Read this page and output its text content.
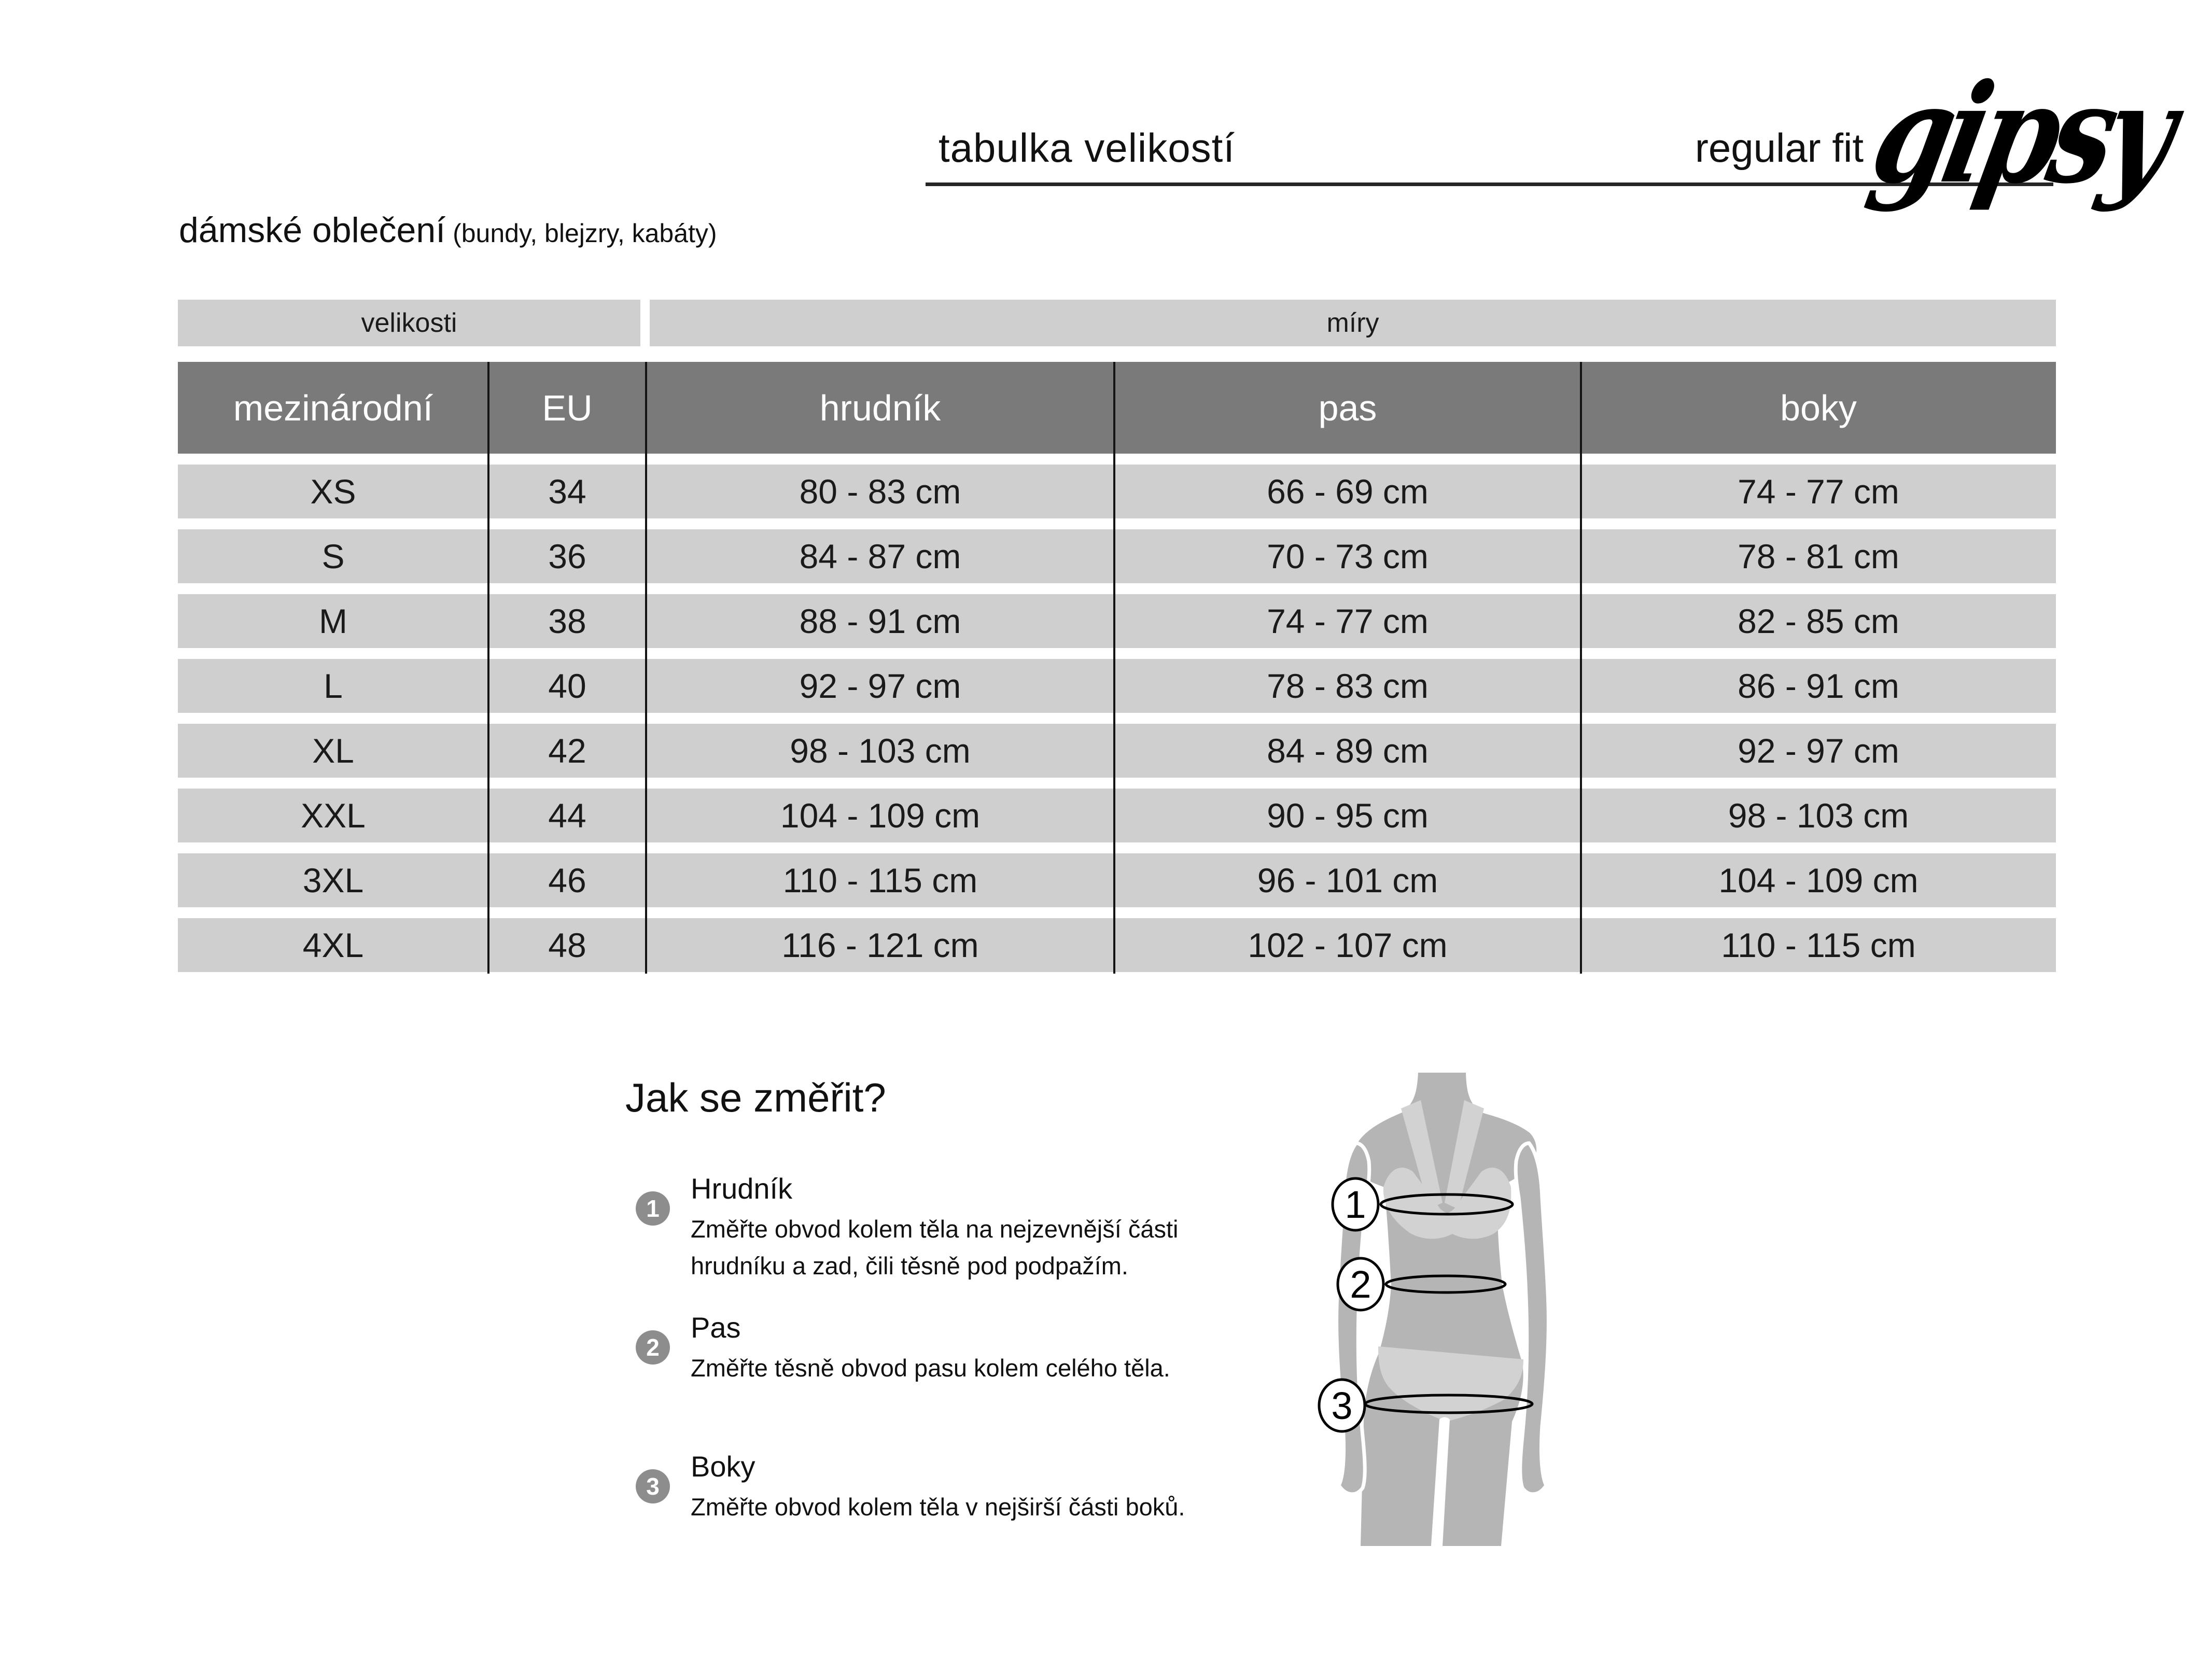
tabulka velikostí	regular fit
gipsy
dámské oblečení (bundy, blejzry, kabáty)
velikosti	míry
mezinárodní	EU	hrudník	pas	boky
XS	34	80 - 83 cm	66 - 69 cm	74 - 77 cm
S	36	84 - 87 cm	70 - 73 cm	78 - 81 cm
M	38	88 - 91 cm	74 - 77 cm	82 - 85 cm
L	40	92 - 97 cm	78 - 83 cm	86 - 91 cm
XL	42	98 - 103 cm	84 - 89 cm	92 - 97 cm
XXL	44	104 - 109 cm	90 - 95 cm	98 - 103 cm
3XL	46	110 - 115 cm	96 - 101 cm	104 - 109 cm
4XL	48	116 - 121 cm	102 - 107 cm	110 - 115 cm
Jak se změřit?
1
Hrudník
Změřte obvod kolem těla na nejzevnější části hrudníku a zad, čili těsně pod podpažím.
2
Pas
Změřte těsně obvod pasu kolem celého těla.
3
Boky
Změřte obvod kolem těla v nejširší části boků.
1
2
3
